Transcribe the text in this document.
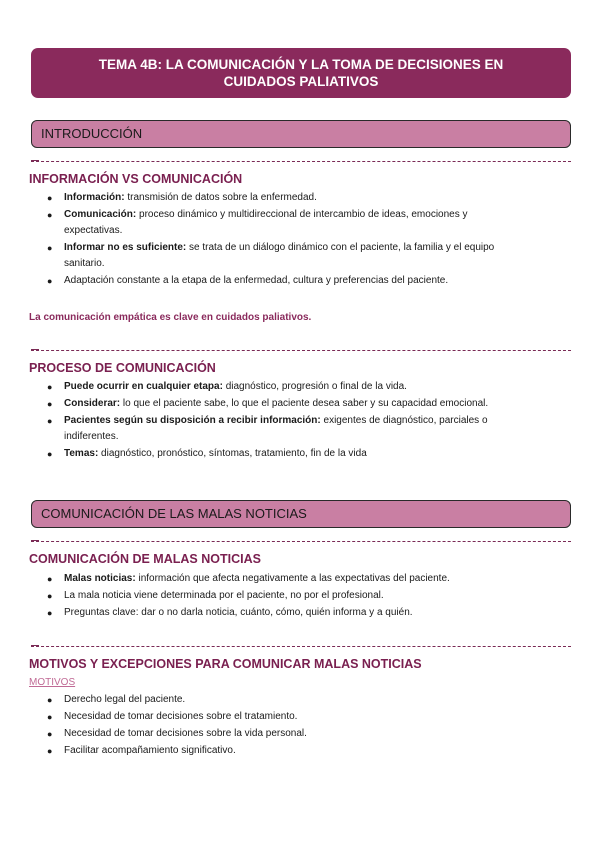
TEMA 4B: LA COMUNICACIÓN Y LA TOMA DE DECISIONES EN CUIDADOS PALIATIVOS
INTRODUCCIÓN
INFORMACIÓN VS COMUNICACIÓN
● Información: transmisión de datos sobre la enfermedad.
● Comunicación: proceso dinámico y multidireccional de intercambio de ideas, emociones y expectativas.
● Informar no es suficiente: se trata de un diálogo dinámico con el paciente, la familia y el equipo sanitario.
● Adaptación constante a la etapa de la enfermedad, cultura y preferencias del paciente.
La comunicación empática es clave en cuidados paliativos.
PROCESO DE COMUNICACIÓN
● Puede ocurrir en cualquier etapa: diagnóstico, progresión o final de la vida.
● Considerar: lo que el paciente sabe, lo que el paciente desea saber y su capacidad emocional.
● Pacientes según su disposición a recibir información: exigentes de diagnóstico, parciales o indiferentes.
● Temas: diagnóstico, pronóstico, síntomas, tratamiento, fin de la vida
COMUNICACIÓN DE LAS MALAS NOTICIAS
COMUNICACIÓN DE MALAS NOTICIAS
● Malas noticias: información que afecta negativamente a las expectativas del paciente.
● La mala noticia viene determinada por el paciente, no por el profesional.
● Preguntas clave: dar o no darla noticia, cuánto, cómo, quién informa y a quién.
MOTIVOS Y EXCEPCIONES PARA COMUNICAR MALAS NOTICIAS
MOTIVOS
● Derecho legal del paciente.
● Necesidad de tomar decisiones sobre el tratamiento.
● Necesidad de tomar decisiones sobre la vida personal.
● Facilitar acompañamiento significativo.
